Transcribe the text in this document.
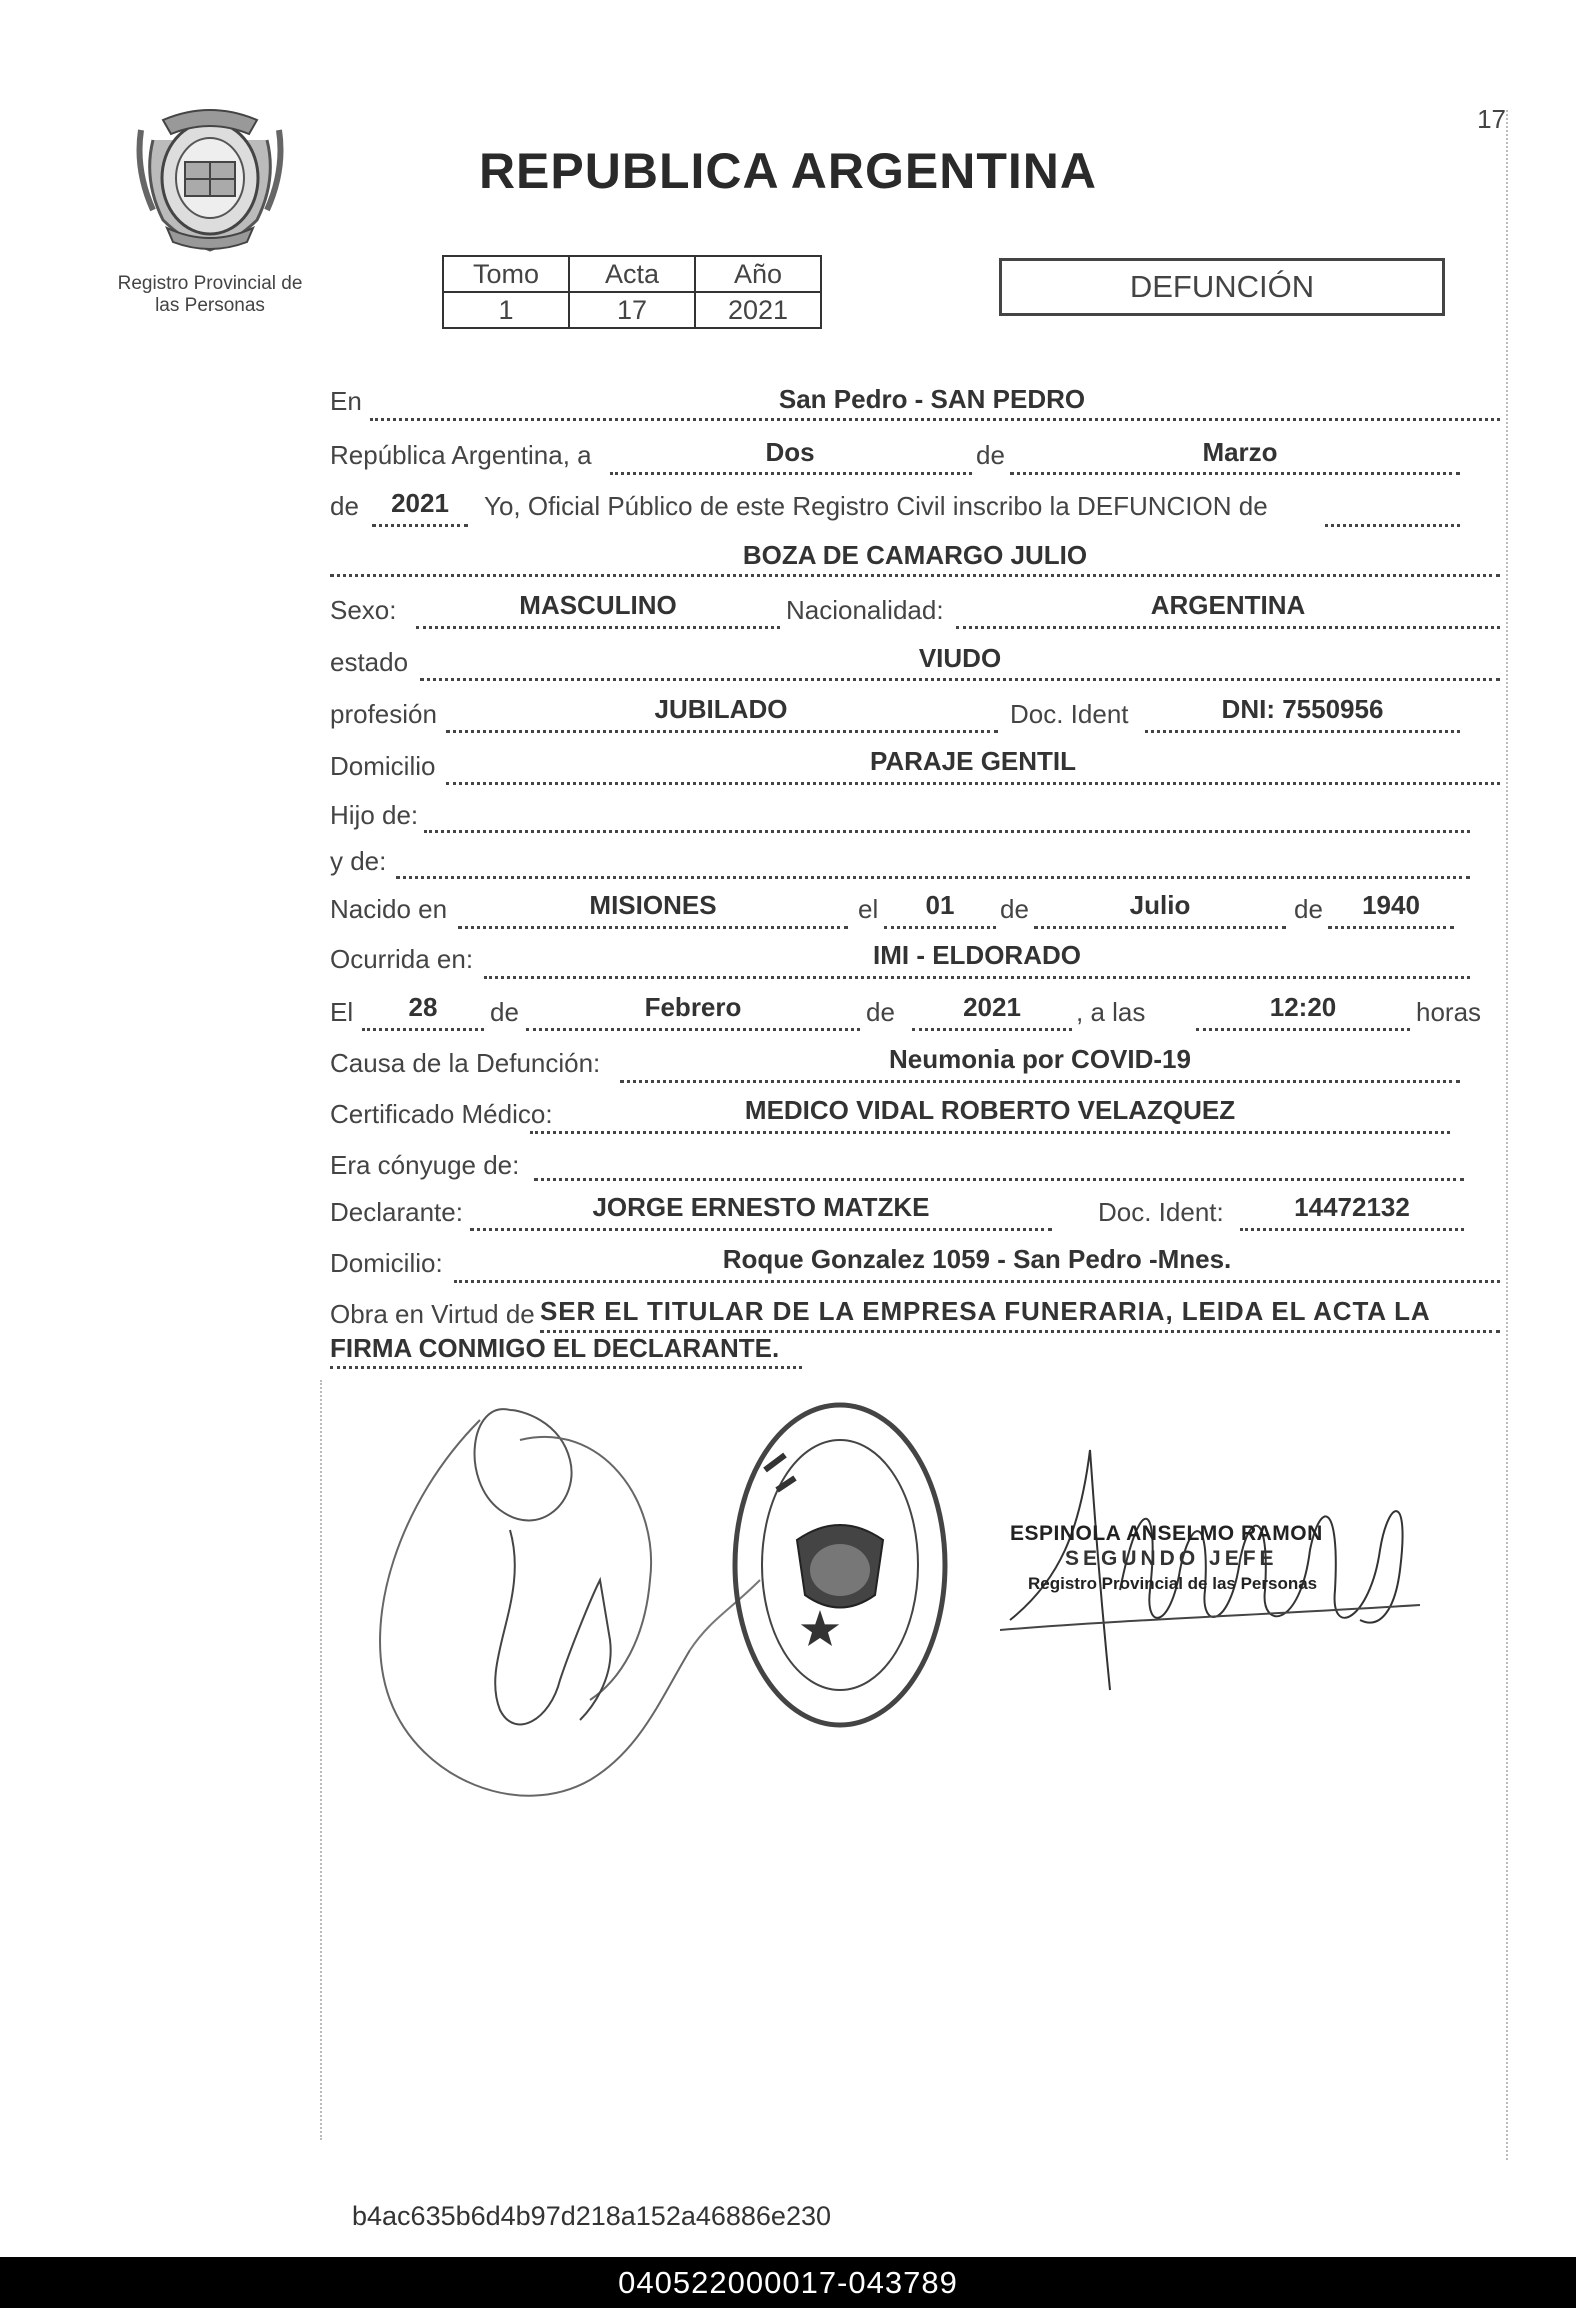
17
REPUBLICA ARGENTINA
Registro Provincial de
las Personas
Tomo	Acta	Año
1	17	2021
DEFUNCIÓN
En	San Pedro - SAN PEDRO
República Argentina, a	Dos	de	Marzo
de	2021	Yo, Oficial Público de este Registro Civil inscribo la DEFUNCION de
BOZA DE CAMARGO JULIO
Sexo:	MASCULINO	Nacionalidad:	ARGENTINA
estado	VIUDO
profesión	JUBILADO	Doc. Ident	DNI: 7550956
Domicilio	PARAJE GENTIL
Hijo de:
y de:
Nacido en	MISIONES	el	01	de	Julio	de	1940
Ocurrida en:	IMI - ELDORADO
El	28	de	Febrero	de	2021	, a las	12:20	horas
Causa de la Defunción:	Neumonia por COVID-19
Certificado Médico:	MEDICO VIDAL ROBERTO VELAZQUEZ
Era cónyuge de:
Declarante:	JORGE ERNESTO MATZKE	Doc. Ident:	14472132
Domicilio:	Roque Gonzalez 1059 - San Pedro -Mnes.
Obra en Virtud de SER EL TITULAR DE LA EMPRESA FUNERARIA, LEIDA EL ACTA LA
FIRMA CONMIGO EL DECLARANTE.
ESPINOLA ANSELMO RAMON
SEGUNDO JEFE
Registro Provincial de las Personas
b4ac635b6d4b97d218a152a46886e230
040522000017-043789
